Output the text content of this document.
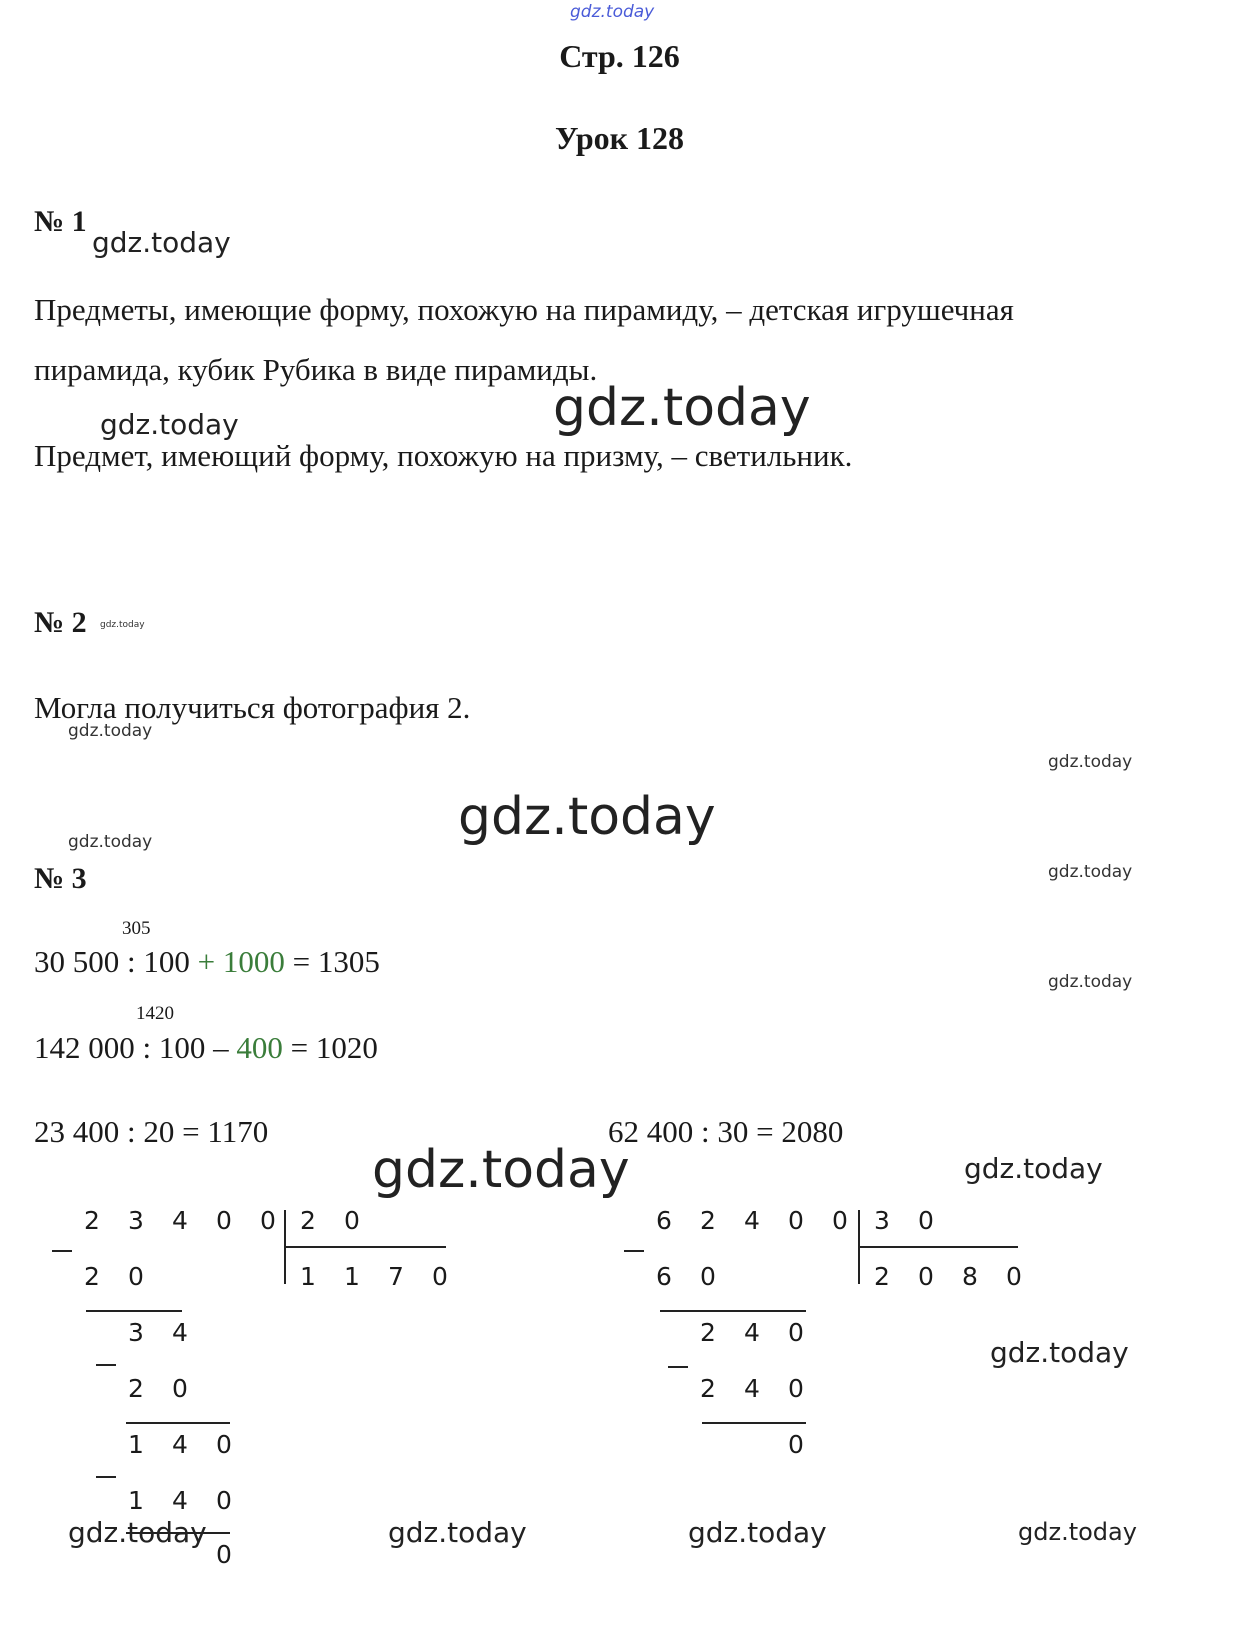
gdz.today
Стр. 126
Урок 128
№ 1
gdz.today
Предметы, имеющие форму, похожую на пирамиду, – детская игрушечная
пирамида, кубик Рубика в виде пирамиды.
gdz.today
gdz.today
Предмет, имеющий форму, похожую на призму, – светильник.
№ 2 gdz.today
Могла получиться фотография 2.
gdz.today
gdz.today
gdz.today
gdz.today
№ 3	gdz.today
305
30 500 : 100 + 1000 = 1305
gdz.today
1420
142 000 : 100 – 400 = 1020
23 400 : 20 = 1170	62 400 : 30 = 2080
gdz.today
gdz.today
2	3	4	0	0 2	0
1	1	7	0
2	0
3	4
2	0
1	4	0
1	4	0
0
6	2	4	0	0	3	0
2	0	8	0
6	0
2	4	0
2	4	0
0
gdz.today
gdz.today	gdz.today	gdz.today	gdz.today
